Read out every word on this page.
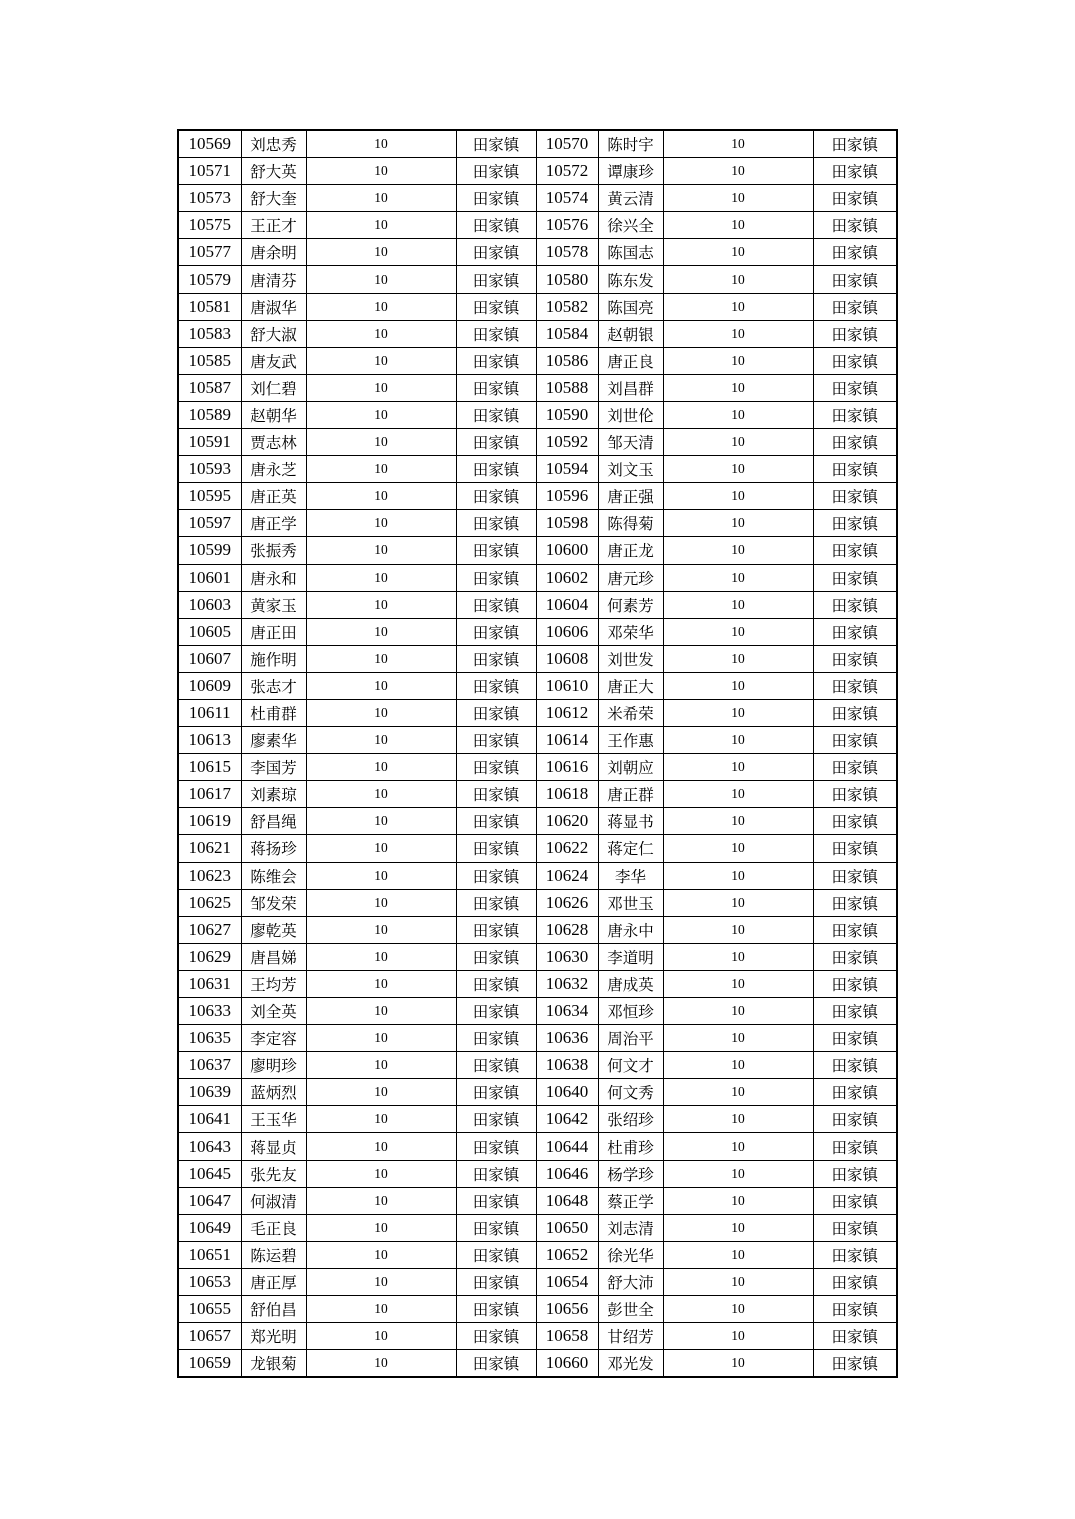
10569	刘忠秀	10	田家镇	10570	陈时宇	10	田家镇
10571	舒大英	10	田家镇	10572	谭康珍	10	田家镇
10573	舒大奎	10	田家镇	10574	黄云清	10	田家镇
10575	王正才	10	田家镇	10576	徐兴全	10	田家镇
10577	唐余明	10	田家镇	10578	陈国志	10	田家镇
10579	唐清芬	10	田家镇	10580	陈东发	10	田家镇
10581	唐淑华	10	田家镇	10582	陈国亮	10	田家镇
10583	舒大淑	10	田家镇	10584	赵朝银	10	田家镇
10585	唐友武	10	田家镇	10586	唐正良	10	田家镇
10587	刘仁碧	10	田家镇	10588	刘昌群	10	田家镇
10589	赵朝华	10	田家镇	10590	刘世伦	10	田家镇
10591	贾志林	10	田家镇	10592	邹天清	10	田家镇
10593	唐永芝	10	田家镇	10594	刘文玉	10	田家镇
10595	唐正英	10	田家镇	10596	唐正强	10	田家镇
10597	唐正学	10	田家镇	10598	陈得菊	10	田家镇
10599	张振秀	10	田家镇	10600	唐正龙	10	田家镇
10601	唐永和	10	田家镇	10602	唐元珍	10	田家镇
10603	黄家玉	10	田家镇	10604	何素芳	10	田家镇
10605	唐正田	10	田家镇	10606	邓荣华	10	田家镇
10607	施作明	10	田家镇	10608	刘世发	10	田家镇
10609	张志才	10	田家镇	10610	唐正大	10	田家镇
10611	杜甫群	10	田家镇	10612	米希荣	10	田家镇
10613	廖素华	10	田家镇	10614	王作惠	10	田家镇
10615	李国芳	10	田家镇	10616	刘朝应	10	田家镇
10617	刘素琼	10	田家镇	10618	唐正群	10	田家镇
10619	舒昌绳	10	田家镇	10620	蒋显书	10	田家镇
10621	蒋扬珍	10	田家镇	10622	蒋定仁	10	田家镇
10623	陈维会	10	田家镇	10624	李华	10	田家镇
10625	邹发荣	10	田家镇	10626	邓世玉	10	田家镇
10627	廖乾英	10	田家镇	10628	唐永中	10	田家镇
10629	唐昌娣	10	田家镇	10630	李道明	10	田家镇
10631	王均芳	10	田家镇	10632	唐成英	10	田家镇
10633	刘全英	10	田家镇	10634	邓恒珍	10	田家镇
10635	李定容	10	田家镇	10636	周治平	10	田家镇
10637	廖明珍	10	田家镇	10638	何文才	10	田家镇
10639	蓝炳烈	10	田家镇	10640	何文秀	10	田家镇
10641	王玉华	10	田家镇	10642	张绍珍	10	田家镇
10643	蒋显贞	10	田家镇	10644	杜甫珍	10	田家镇
10645	张先友	10	田家镇	10646	杨学珍	10	田家镇
10647	何淑清	10	田家镇	10648	蔡正学	10	田家镇
10649	毛正良	10	田家镇	10650	刘志清	10	田家镇
10651	陈运碧	10	田家镇	10652	徐光华	10	田家镇
10653	唐正厚	10	田家镇	10654	舒大沛	10	田家镇
10655	舒伯昌	10	田家镇	10656	彭世全	10	田家镇
10657	郑光明	10	田家镇	10658	甘绍芳	10	田家镇
10659	龙银菊	10	田家镇	10660	邓光发	10	田家镇
